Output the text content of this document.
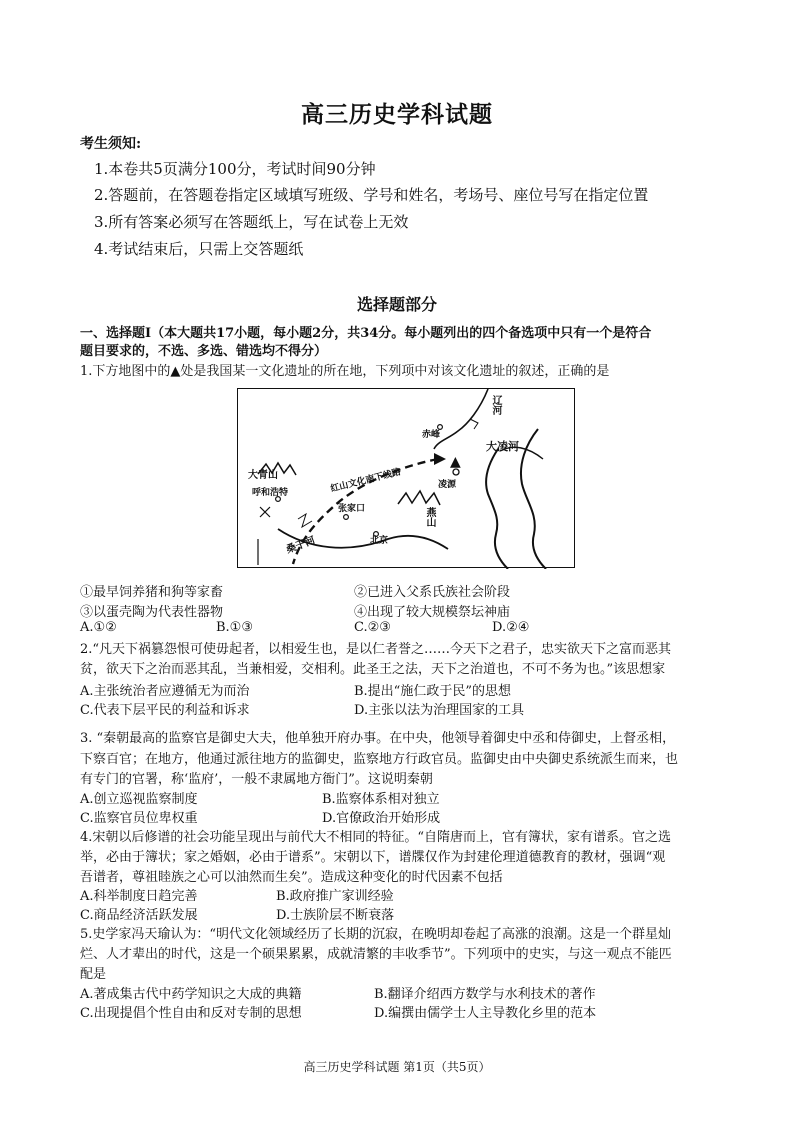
高三历史学科试题
考生须知:
1.本卷共5页满分100分，考试时间90分钟
2.答题前，在答题卷指定区域填写班级、学号和姓名，考场号、座位号写在指定位置
3.所有答案必须写在答题纸上，写在试卷上无效
4.考试结束后，只需上交答题纸
选择题部分
一、选择题Ⅰ（本大题共17小题，每小题2分，共34分。每小题列出的四个备选项中只有一个是符合
题目要求的，不选、多选、错选均不得分）
1.下方地图中的▲处是我国某一文化遗址的所在地，下列项中对该文化遗址的叙述，正确的是
赤峰
辽河
大凌河
大青山
呼和浩特	红山文化南下线路
▲
凌源
张家口
北京
燕山
桑干河
①最早饲养猪和狗等家畜	②已进入父系氏族社会阶段
③以蛋壳陶为代表性器物	④出现了较大规模祭坛神庙
A.①②	B.①③	C.②③	D.②④
2.“凡天下祸篡怨恨可使毋起者，以相爱生也，是以仁者誉之……今天下之君子，忠实欲天下之富而恶其
贫，欲天下之治而恶其乱，当兼相爱，交相利。此圣王之法，天下之治道也，不可不务为也。”该思想家
A.主张统治者应遵循无为而治	B.提出“施仁政于民”的思想
C.代表下层平民的利益和诉求	D.主张以法为治理国家的工具
3. “秦朝最高的监察官是御史大夫，他单独开府办事。在中央，他领导着御史中丞和侍御史，上督丞相，
下察百官；在地方，他通过派往地方的监御史，监察地方行政官员。监御史由中央御史系统派生而来，也
有专门的官署，称‘监府’，一般不隶属地方衙门”。这说明秦朝
A.创立巡视监察制度	B.监察体系相对独立
C.监察官员位卑权重	D.官僚政治开始形成
4.宋朝以后修谱的社会功能呈现出与前代大不相同的特征。“自隋唐而上，官有簿状，家有谱系。官之选
举，必由于簿状；家之婚姻，必由于谱系”。宋朝以下，谱牒仅作为封建伦理道德教育的教材，强调“观
吾谱者，尊祖睦族之心可以油然而生矣”。造成这种变化的时代因素不包括
A.科举制度日趋完善	B.政府推广家训经验
C.商品经济活跃发展	D.士族阶层不断衰落
5.史学家冯天瑜认为：“明代文化领域经历了长期的沉寂，在晚明却卷起了高涨的浪潮。这是一个群星灿
烂、人才辈出的时代，这是一个硕果累累，成就清繁的丰收季节”。下列项中的史实，与这一观点不能匹
配是
A.著成集古代中药学知识之大成的典籍	B.翻译介绍西方数学与水利技术的著作
C.出现提倡个性自由和反对专制的思想	D.编撰由儒学士人主导教化乡里的范本
高三历史学科试题 第1页（共5页）
